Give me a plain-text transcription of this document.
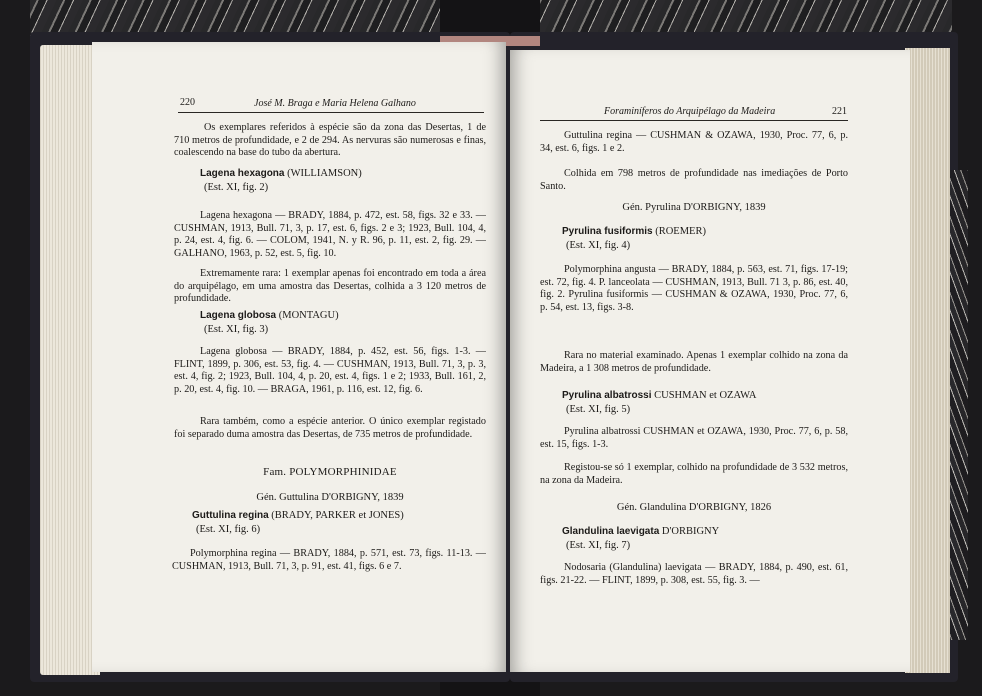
220	José M. Braga e Maria Helena Galhano
Os exemplares referidos à espécie são da zona das Desertas, 1 de 710 metros de profundidade, e 2 de 294. As nervuras são numerosas e finas, coalescendo na base do tubo da abertura.
Lagena hexagona (WILLIAMSON)
(Est. XI, fig. 2)
Lagena hexagona — BRADY, 1884, p. 472, est. 58, figs. 32 e 33. — CUSHMAN, 1913, Bull. 71, 3, p. 17, est. 6, figs. 2 e 3; 1923, Bull. 104, 4, p. 24, est. 4, fig. 6. — COLOM, 1941, N. y R. 96, p. 11, est. 2, fig. 29. — GALHANO, 1963, p. 52, est. 5, fig. 10.
Extremamente rara: 1 exemplar apenas foi encontrado em toda a área do arquipélago, em uma amostra das Desertas, colhida a 3 120 metros de profundidade.
Lagena globosa (MONTAGU)
(Est. XI, fig. 3)
Lagena globosa — BRADY, 1884, p. 452, est. 56, figs. 1-3. — FLINT, 1899, p. 306, est. 53, fig. 4. — CUSHMAN, 1913, Bull. 71, 3, p. 3, est. 4, fig. 2; 1923, Bull. 104, 4, p. 20, est. 4, figs. 1 e 2; 1933, Bull. 161, 2, p. 20, est. 4, fig. 10. — BRAGA, 1961, p. 116, est. 12, fig. 6.
Rara também, como a espécie anterior. O único exemplar registado foi separado duma amostra das Desertas, de 735 metros de profundidade.
Fam. POLYMORPHINIDAE
Gén. Guttulina D'ORBIGNY, 1839
Guttulina regina (BRADY, PARKER et JONES)
(Est. XI, fig. 6)
Polymorphina regina — BRADY, 1884, p. 571, est. 73, figs. 11-13. — CUSHMAN, 1913, Bull. 71, 3, p. 91, est. 41, figs. 6 e 7.
Foraminíferos do Arquipélago da Madeira	221
Guttulina regina — CUSHMAN & OZAWA, 1930, Proc. 77, 6, p. 34, est. 6, figs. 1 e 2.
Colhida em 798 metros de profundidade nas imediações de Porto Santo.
Gén. Pyrulina D'ORBIGNY, 1839
Pyrulina fusiformis (ROEMER)
(Est. XI, fig. 4)
Polymorphina angusta — BRADY, 1884, p. 563, est. 71, figs. 17-19; est. 72, fig. 4. P. lanceolata — CUSHMAN, 1913, Bull. 71 3, p. 86, est. 40, fig. 2. Pyrulina fusiformis — CUSHMAN & OZAWA, 1930, Proc. 77, 6, p. 54, est. 13, figs. 3-8.
Rara no material examinado. Apenas 1 exemplar colhido na zona da Madeira, a 1 308 metros de profundidade.
Pyrulina albatrossi CUSHMAN et OZAWA
(Est. XI, fig. 5)
Pyrulina albatrossi CUSHMAN et OZAWA, 1930, Proc. 77, 6, p. 58, est. 15, figs. 1-3.
Registou-se só 1 exemplar, colhido na profundidade de 3 532 metros, na zona da Madeira.
Gén. Glandulina D'ORBIGNY, 1826
Glandulina laevigata D'ORBIGNY
(Est. XI, fig. 7)
Nodosaria (Glandulina) laevigata — BRADY, 1884, p. 490, est. 61, figs. 21-22. — FLINT, 1899, p. 308, est. 55, fig. 3. —
